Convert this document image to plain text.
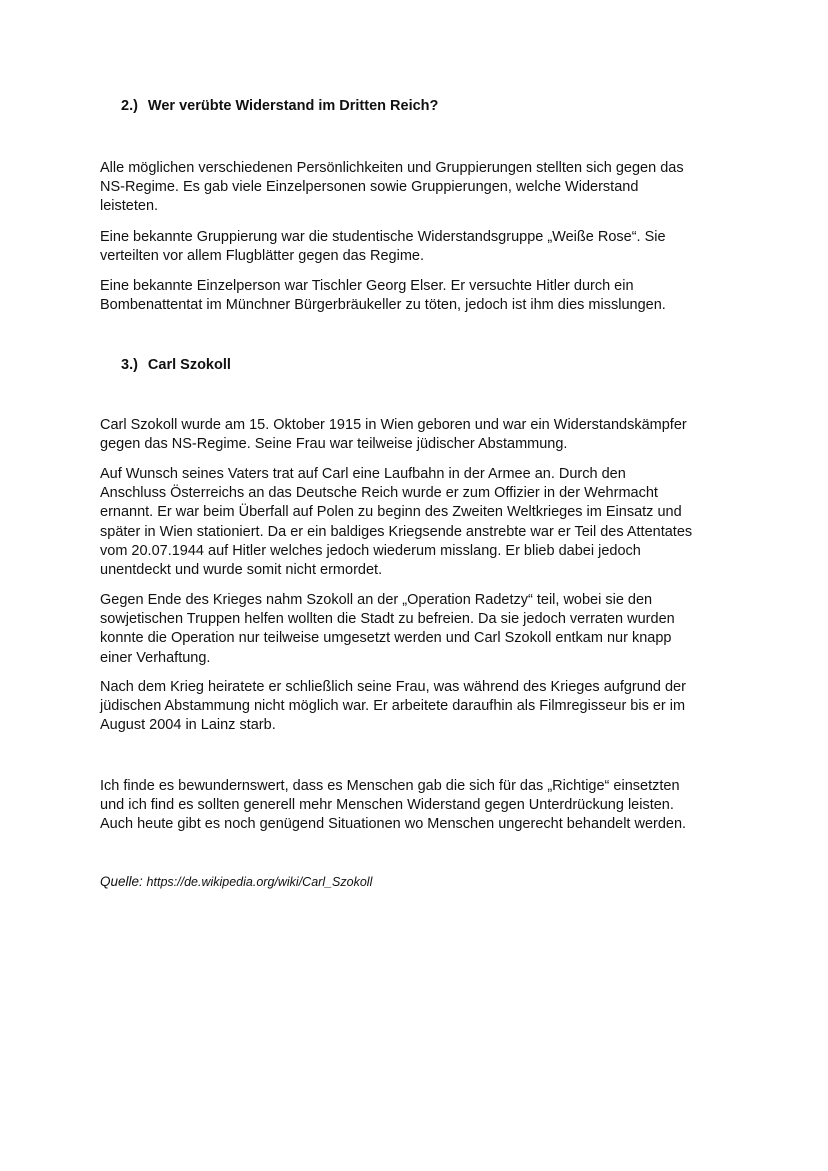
2.) Wer verübte Widerstand im Dritten Reich?

Alle möglichen verschiedenen Persönlichkeiten und Gruppierungen stellten sich gegen das
NS-Regime. Es gab viele Einzelpersonen sowie Gruppierungen, welche Widerstand
leisteten.

Eine bekannte Gruppierung war die studentische Widerstandsgruppe „Weiße Rose“. Sie
verteilten vor allem Flugblätter gegen das Regime.

Eine bekannte Einzelperson war Tischler Georg Elser. Er versuchte Hitler durch ein
Bombenattentat im Münchner Bürgerbräukeller zu töten, jedoch ist ihm dies misslungen.

3.) Carl Szokoll

Carl Szokoll wurde am 15. Oktober 1915 in Wien geboren und war ein Widerstandskämpfer
gegen das NS-Regime. Seine Frau war teilweise jüdischer Abstammung.

Auf Wunsch seines Vaters trat auf Carl eine Laufbahn in der Armee an. Durch den
Anschluss Österreichs an das Deutsche Reich wurde er zum Offizier in der Wehrmacht
ernannt. Er war beim Überfall auf Polen zu beginn des Zweiten Weltkrieges im Einsatz und
später in Wien stationiert. Da er ein baldiges Kriegsende anstrebte war er Teil des Attentates
vom 20.07.1944 auf Hitler welches jedoch wiederum misslang. Er blieb dabei jedoch
unentdeckt und wurde somit nicht ermordet.

Gegen Ende des Krieges nahm Szokoll an der „Operation Radetzy“ teil, wobei sie den
sowjetischen Truppen helfen wollten die Stadt zu befreien. Da sie jedoch verraten wurden
konnte die Operation nur teilweise umgesetzt werden und Carl Szokoll entkam nur knapp
einer Verhaftung.

Nach dem Krieg heiratete er schließlich seine Frau, was während des Krieges aufgrund der
jüdischen Abstammung nicht möglich war. Er arbeitete daraufhin als Filmregisseur bis er im
August 2004 in Lainz starb.

Ich finde es bewundernswert, dass es Menschen gab die sich für das „Richtige“ einsetzten
und ich find es sollten generell mehr Menschen Widerstand gegen Unterdrückung leisten.
Auch heute gibt es noch genügend Situationen wo Menschen ungerecht behandelt werden.

Quelle: https://de.wikipedia.org/wiki/Carl_Szokoll
